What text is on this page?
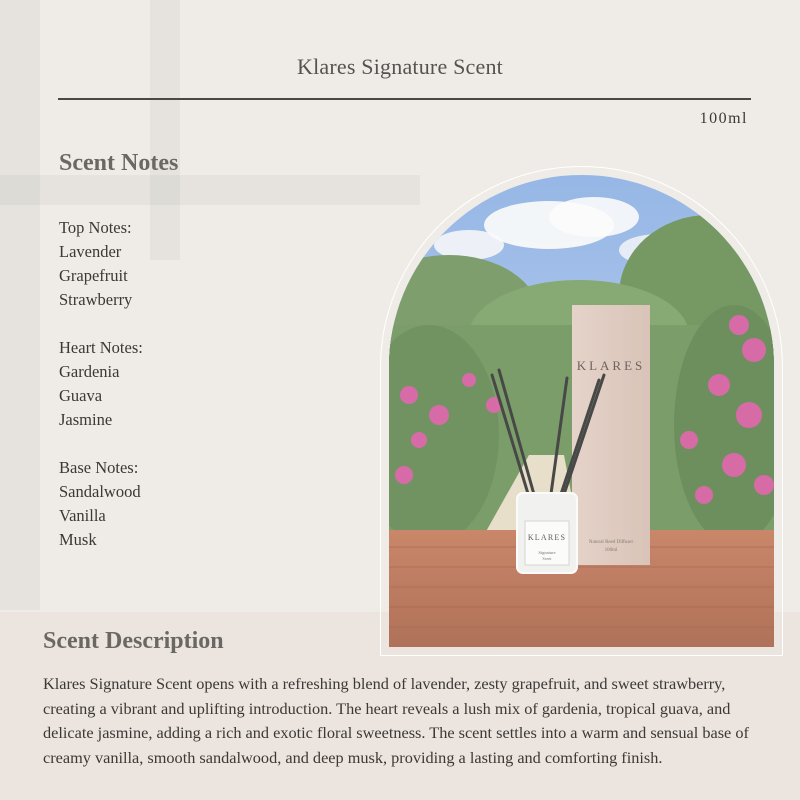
Klares Signature Scent
100ml
Scent Notes
Top Notes:
Lavender
Grapefruit
Strawberry
Heart Notes:
Gardenia
Guava
Jasmine
Base Notes:
Sandalwood
Vanilla
Musk
KLARES
Natural Reed Diffuser
100ml
KLARES
Signature
Scent
Scent Description
Klares Signature Scent opens with a refreshing blend of lavender, zesty grapefruit, and sweet strawberry, creating a vibrant and uplifting introduction. The heart reveals a lush mix of gardenia, tropical guava, and delicate jasmine, adding a rich and exotic floral sweetness. The scent settles into a warm and sensual base of creamy vanilla, smooth sandalwood, and deep musk, providing a lasting and comforting finish.
